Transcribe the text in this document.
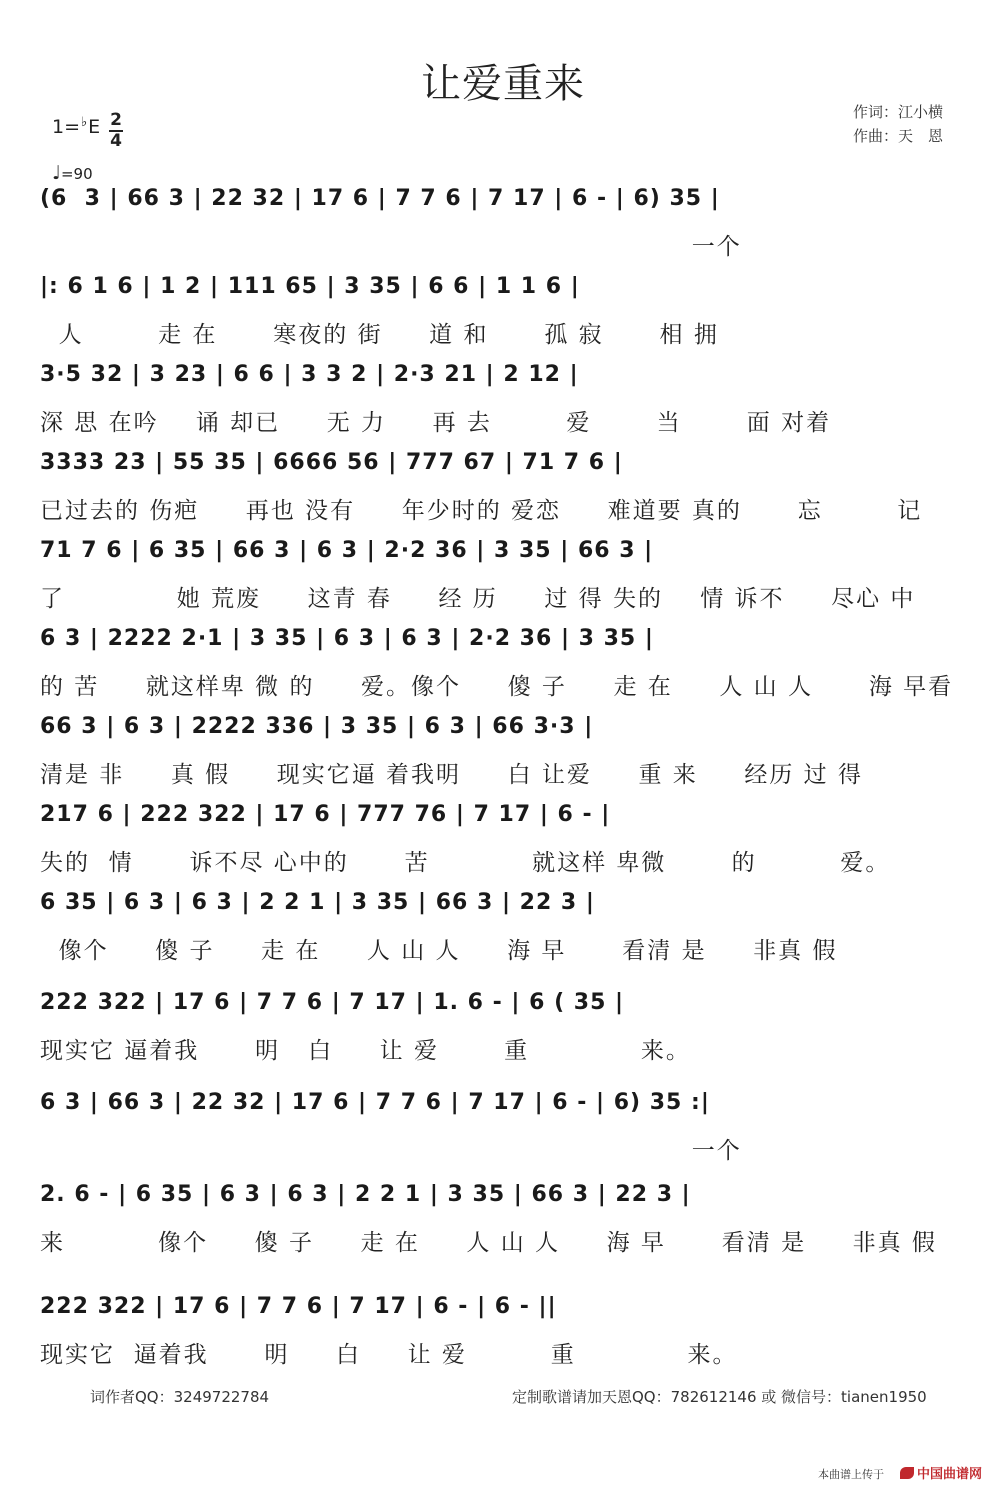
让爱重来
作词：江小横
作曲：天　恩
1=♭E 2
4
♩=90
(6  3 | 66 3 | 22 32 | 17 6 | 7 7 6 | 7 17 | 6 - | 6) 35 |
一个
|: 6 1 6 | 1 2 | 111 65 | 3 35 | 6 6 | 1 1 6 |
人        走 在      寒夜的 街     道 和      孤 寂      相 拥
3·5 32 | 3 23 | 6 6 | 3 3 2 | 2·3 21 | 2 12 |
深 思 在吟    诵 却已     无 力     再 去        爱       当       面 对着
3333 23 | 55 35 | 6666 56 | 777 67 | 71 7 6 |
已过去的 伤疤     再也 没有     年少时的 爱恋     难道要 真的      忘        记
71 7 6 | 6 35 | 66 3 | 6 3 | 2·2 36 | 3 35 | 66 3 |
了            她 荒废     这青 春     经 历     过 得 失的    情 诉不     尽心 中
6 3 | 2222 2·1 | 3 35 | 6 3 | 6 3 | 2·2 36 | 3 35 |
的 苦     就这样卑 微 的     爱。像个     傻 子     走 在     人 山 人      海 早看
66 3 | 6 3 | 2222 336 | 3 35 | 6 3 | 66 3·3 |
清是 非     真 假     现实它逼 着我明     白 让爱     重 来     经历 过 得
217 6 | 222 322 | 17 6 | 777 76 | 7 17 | 6 - |
失的  情      诉不尽 心中的      苦           就这样 卑微       的         爱。
6 35 | 6 3 | 6 3 | 2 2 1 | 3 35 | 66 3 | 22 3 |
像个     傻 子     走 在     人 山 人     海 早      看清 是     非真 假
222 322 | 17 6 | 7 7 6 | 7 17 | 1. 6 - | 6 ( 35 |
现实它 逼着我      明   白     让 爱       重            来。
6 3 | 66 3 | 22 32 | 17 6 | 7 7 6 | 7 17 | 6 - | 6) 35 :|
一个
2. 6 - | 6 35 | 6 3 | 6 3 | 2 2 1 | 3 35 | 66 3 | 22 3 |
来          像个     傻 子     走 在     人 山 人     海 早      看清 是     非真 假
222 322 | 17 6 | 7 7 6 | 7 17 | 6 - | 6 - ||
现实它  逼着我      明     白     让 爱         重            来。
词作者QQ：3249722784	定制歌谱请加天恩QQ：782612146 或 微信号：tianen1950
本曲谱上传于	中国曲谱网
